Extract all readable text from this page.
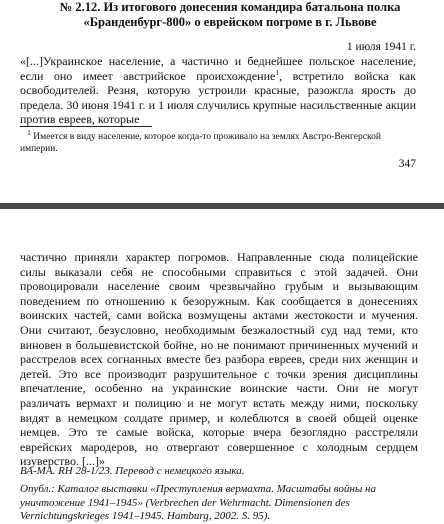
№ 2.12. Из итогового донесения командира батальона полка
«Бранденбург-800» о еврейском погроме в г. Львове

1 июля 1941 г.

«[...]Украинское население, а частично и беднейшее польское население, если оно имеет австрийское происхождение$^1$, встретило войска как освободителей. Резня, которую устроили красные, разожгла ярость до предела. 30 июня 1941 г. и 1 июля случились крупные насильственные акции против евреев, которые

$^1$ Имеется в виду население, которое когда-то проживало на землях Австро-Венгерской империи.

347

частично приняли характер погромов. Направленные сюда полицейские силы выказали себя не способными справиться с этой задачей. Они провоцировали население своим чрезвычайно грубым и вызывающим поведением по отношению к безоружным. Как сообщается в донесениях воинских частей, сами войска возмущены актами жестокости и мучения. Они считают, безусловно, необходимым безжалостный суд над теми, кто виновен в большевистской бойне, но не понимают причиненных мучений и расстрелов всех согнанных вместе без разбора евреев, среди них женщин и детей. Это все производит разрушительное с точки зрения дисциплины впечатление, особенно на украинские воинские части. Они не могут различать вермахт и полицию и не могут встать между ними, поскольку видят в немецком солдате пример, и колеблются в своей общей оценке немцев. Это те самые войска, которые вчера безоглядно расстреляли еврейских мародеров, но отвергают совершенное с холодным сердцем изуверство. [...]»

ВА-МА. RH 28-1/23. Перевод с немецкого языка.

Опубл.: Каталог выставки «Преступления вермахта. Масштабы войны на уничтожение 1941–1945» (Verbrechen der Wehrmacht. Dimensionen des Vernichtungskrieges 1941–1945. Hamburg, 2002. S. 95).
